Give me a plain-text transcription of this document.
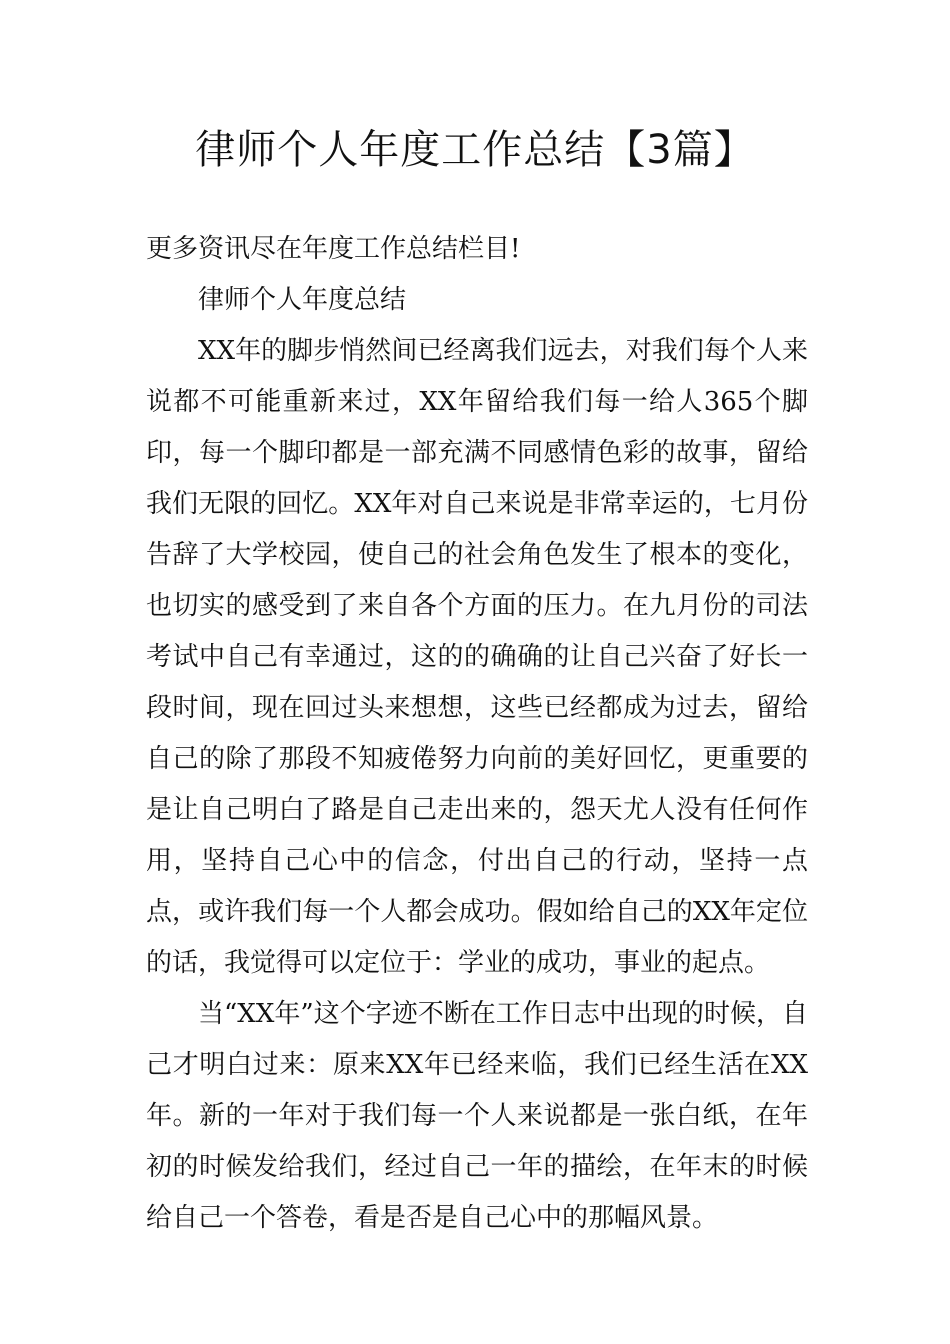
律师个人年度工作总结【3篇】

更多资讯尽在年度工作总结栏目!

律师个人年度总结

XX年的脚步悄然间已经离我们远去，对我们每个人来说都不可能重新来过，XX年留给我们每一给人365个脚印，每一个脚印都是一部充满不同感情色彩的故事，留给我们无限的回忆。XX年对自己来说是非常幸运的，七月份告辞了大学校园，使自己的社会角色发生了根本的变化，也切实的感受到了来自各个方面的压力。在九月份的司法考试中自己有幸通过，这的的确确的让自己兴奋了好长一段时间，现在回过头来想想，这些已经都成为过去，留给自己的除了那段不知疲倦努力向前的美好回忆，更重要的是让自己明白了路是自己走出来的，怨天尤人没有任何作用，坚持自己心中的信念，付出自己的行动，坚持一点点，或许我们每一个人都会成功。假如给自己的XX年定位的话，我觉得可以定位于：学业的成功，事业的起点。

当“XX年”这个字迹不断在工作日志中出现的时候，自己才明白过来：原来XX年已经来临，我们已经生活在XX年。新的一年对于我们每一个人来说都是一张白纸，在年初的时候发给我们，经过自己一年的描绘，在年末的时候给自己一个答卷，看是否是自己心中的那幅风景。
